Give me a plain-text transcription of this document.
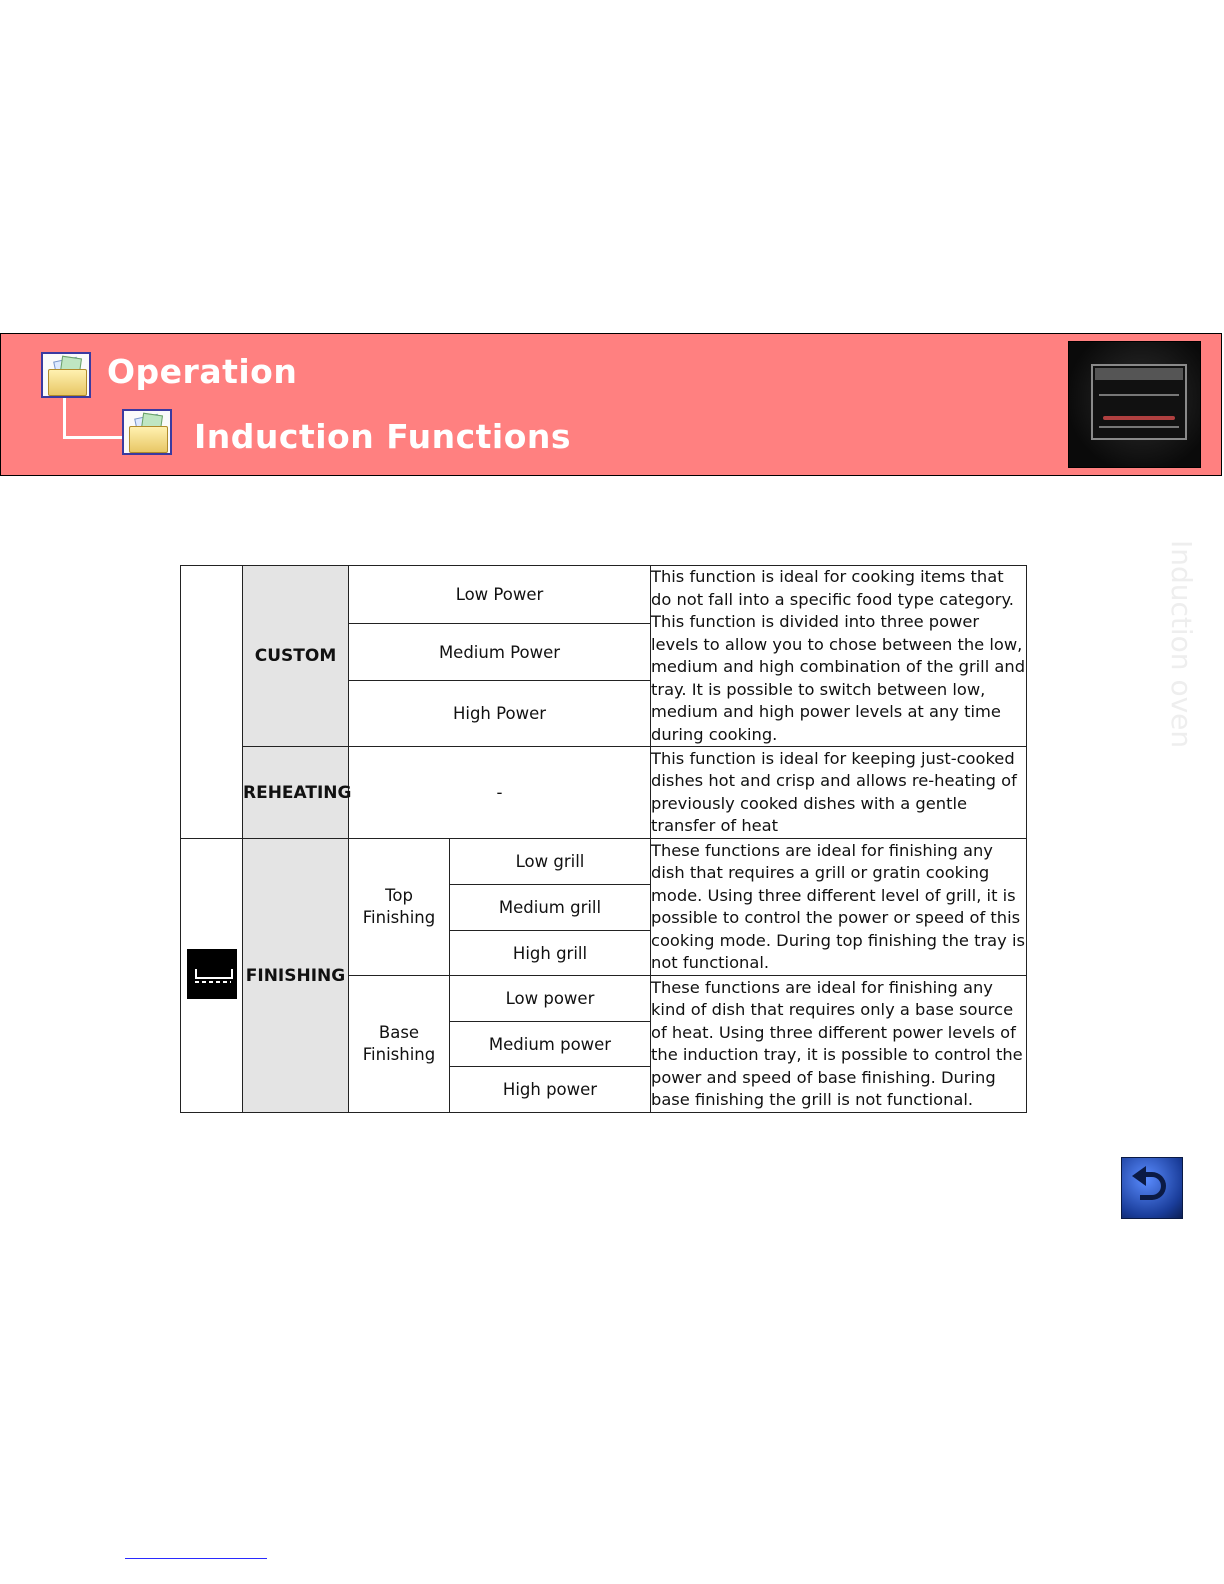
Operation
Induction Functions
Induction oven
	CUSTOM	Low Power	This function is ideal for cooking items that do not fall into a specific food type category. This function is divided into three power levels to allow you to chose between the low, medium and high combination of the grill and tray. It is possible to switch between low, medium and high power levels at any time during cooking.
		Medium Power	
		High Power	
	REHEATING	-	This function is ideal for keeping just-cooked dishes hot and crisp and allows re-heating of previously cooked dishes with a gentle transfer of heat
	FINISHING	Top Finishing	Low grill	These functions are ideal for finishing any dish that requires a grill or gratin cooking mode. Using three different level of grill, it is possible to control the power or speed of this cooking mode. During top finishing the tray is not functional.
			Medium grill	
			High grill	
		Base Finishing	Low power	These functions are ideal for finishing any kind of dish that requires only a base source of heat. Using three different power levels of the induction tray, it is possible to control the power and speed of base finishing. During base finishing the grill is not functional.
			Medium power	
			High power	
